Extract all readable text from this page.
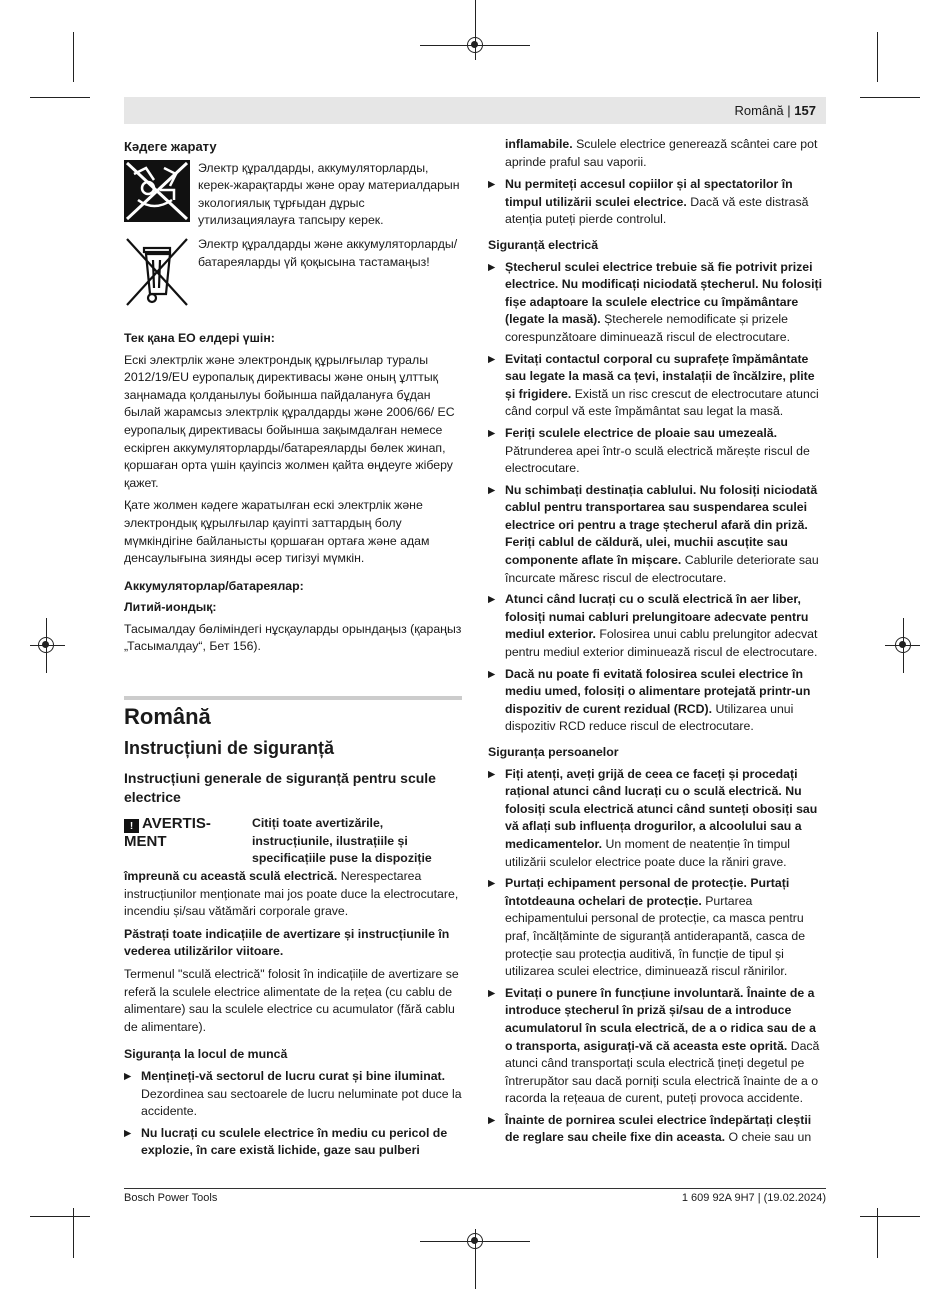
Română | 157
Кәдеге жарату
Электр құралдарды, аккумуляторларды, керек-жарақтарды және орау материалдарын экологиялық тұрғыдан дұрыс утилизациялауға тапсыру керек.
Электр құралдарды және аккумуляторларды/батареяларды үй қоқысына тастамаңыз!
Тек қана ЕО елдері үшін:
Ескі электрлік және электрондық құрылғылар туралы 2012/19/EU еуропалық директивасы және оның ұлттық заңнамада қолданылуы бойынша пайдалануға бұдан былай жарамсыз электрлік құралдарды және 2006/66/ EC еуропалық директивасы бойынша зақымдалған немесе ескірген аккумуляторларды/батареяларды бөлек жинап, қоршаған орта үшін қауіпсіз жолмен қайта өңдеуге жіберу қажет.
Қате жолмен кәдеге жаратылған ескі электрлік және электрондық құрылғылар қауіпті заттардың болу мүмкіндігіне байланысты қоршаған ортаға және адам денсаулығына зиянды әсер тигізуі мүмкін.
Аккумуляторлар/батареялар:
Литий-иондық:
Тасымалдау бөліміндегі нұсқауларды орындаңыз (қараңыз „Тасымалдау“, Бет 156).
Română
Instrucțiuni de siguranță
Instrucțiuni generale de siguranță pentru scule electrice
! AVERTIS-MENT
Citiți toate avertizările, instrucțiunile, ilustrațiile și specificațiile puse la dispoziție
împreună cu această sculă electrică. Nerespectarea instrucțiunilor menționate mai jos poate duce la electrocutare, incendiu și/sau vătămări corporale grave.
Păstrați toate indicațiile de avertizare și instrucțiunile în vederea utilizărilor viitoare.
Termenul "sculă electrică" folosit în indicațiile de avertizare se referă la sculele electrice alimentate de la rețea (cu cablu de alimentare) sau la sculele electrice cu acumulator (fără cablu de alimentare).
Siguranța la locul de muncă
▶ Mențineți-vă sectorul de lucru curat și bine iluminat. Dezordinea sau sectoarele de lucru neluminate pot duce la accidente.
▶ Nu lucrați cu sculele electrice în mediu cu pericol de explozie, în care există lichide, gaze sau pulberi
inflamabile. Sculele electrice generează scântei care pot aprinde praful sau vaporii.
▶ Nu permiteți accesul copiilor și al spectatorilor în timpul utilizării sculei electrice. Dacă vă este distrasă atenția puteți pierde controlul.
Siguranță electrică
▶ Ștecherul sculei electrice trebuie să fie potrivit prizei electrice. Nu modificați niciodată ștecherul. Nu folosiți fișe adaptoare la sculele electrice cu împământare (legate la masă). Ștecherele nemodificate și prizele corespunzătoare diminuează riscul de electrocutare.
▶ Evitați contactul corporal cu suprafețe împământate sau legate la masă ca țevi, instalații de încălzire, plite și frigidere. Există un risc crescut de electrocutare atunci când corpul vă este împământat sau legat la masă.
▶ Feriți sculele electrice de ploaie sau umezeală. Pătrunderea apei într-o sculă electrică mărește riscul de electrocutare.
▶ Nu schimbați destinația cablului. Nu folosiți niciodată cablul pentru transportarea sau suspendarea sculei electrice ori pentru a trage ștecherul afară din priză. Feriți cablul de căldură, ulei, muchii ascuțite sau componente aflate în mișcare. Cablurile deteriorate sau încurcate măresc riscul de electrocutare.
▶ Atunci când lucrați cu o sculă electrică în aer liber, folosiți numai cabluri prelungitoare adecvate pentru mediul exterior. Folosirea unui cablu prelungitor adecvat pentru mediul exterior diminuează riscul de electrocutare.
▶ Dacă nu poate fi evitată folosirea sculei electrice în mediu umed, folosiți o alimentare protejată printr-un dispozitiv de curent rezidual (RCD). Utilizarea unui dispozitiv RCD reduce riscul de electrocutare.
Siguranța persoanelor
▶ Fiți atenți, aveți grijă de ceea ce faceți și procedați rațional atunci când lucrați cu o sculă electrică. Nu folosiți scula electrică atunci când sunteți obosiți sau vă aflați sub influența drogurilor, a alcoolului sau a medicamentelor. Un moment de neatenție în timpul utilizării sculelor electrice poate duce la răniri grave.
▶ Purtați echipament personal de protecție. Purtați întotdeauna ochelari de protecție. Purtarea echipamentului personal de protecție, ca masca pentru praf, încălțăminte de siguranță antiderapantă, casca de protecție sau protecția auditivă, în funcție de tipul și utilizarea sculei electrice, diminuează riscul rănirilor.
▶ Evitați o punere în funcțiune involuntară. Înainte de a introduce ștecherul în priză și/sau de a introduce acumulatorul în scula electrică, de a o ridica sau de a o transporta, asigurați-vă că aceasta este oprită. Dacă atunci când transportați scula electrică țineți degetul pe întrerupător sau dacă porniți scula electrică înainte de a o racorda la rețeaua de curent, puteți provoca accidente.
▶ Înainte de pornirea sculei electrice îndepărtați cleștii de reglare sau cheile fixe din aceasta. O cheie sau un
Bosch Power Tools	1 609 92A 9H7 | (19.02.2024)
